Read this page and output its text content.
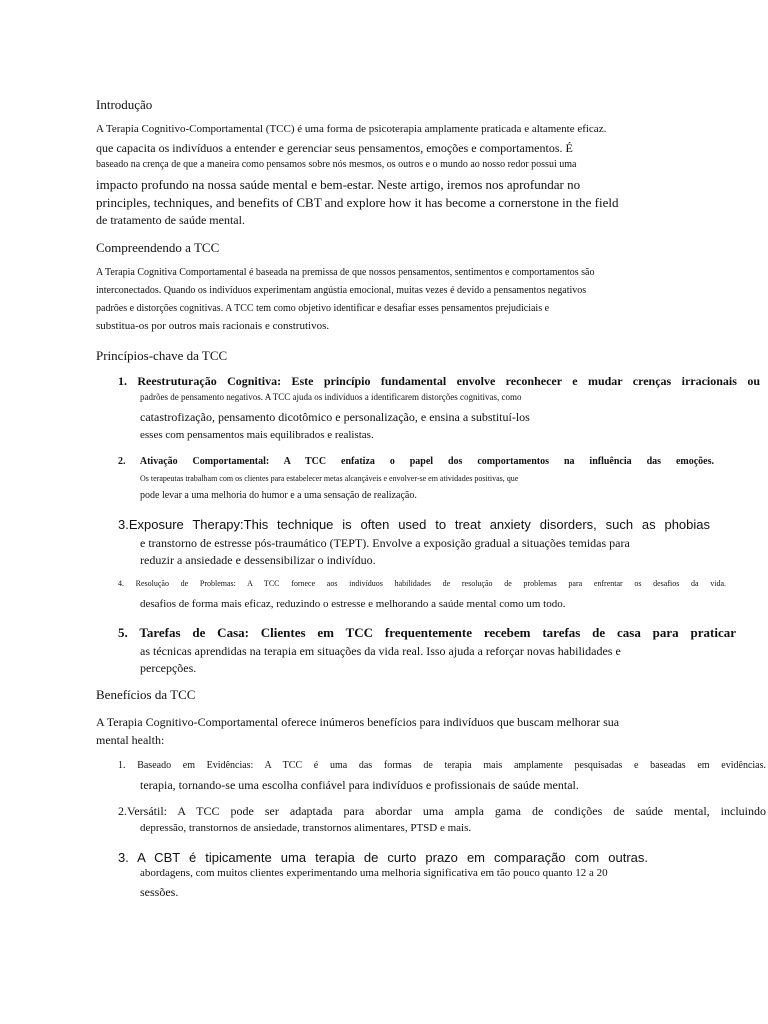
Introdução
A Terapia Cognitivo-Comportamental (TCC) é uma forma de psicoterapia amplamente praticada e altamente eficaz.
que capacita os indivíduos a entender e gerenciar seus pensamentos, emoções e comportamentos. É
baseado na crença de que a maneira como pensamos sobre nós mesmos, os outros e o mundo ao nosso redor possui uma
impacto profundo na nossa saúde mental e bem-estar. Neste artigo, iremos nos aprofundar no
principles, techniques, and benefits of CBT and explore how it has become a cornerstone in the field
de tratamento de saúde mental.
Compreendendo a TCC
A Terapia Cognitiva Comportamental é baseada na premissa de que nossos pensamentos, sentimentos e comportamentos são
interconectados. Quando os indivíduos experimentam angústia emocional, muitas vezes é devido a pensamentos negativos
padrões e distorções cognitivas. A TCC tem como objetivo identificar e desafiar esses pensamentos prejudiciais e
substitua-os por outros mais racionais e construtivos.
Princípios-chave da TCC
1. Reestruturação Cognitiva: Este princípio fundamental envolve reconhecer e mudar crenças irracionais ou
padrões de pensamento negativos. A TCC ajuda os indivíduos a identificarem distorções cognitivas, como
catastrofização, pensamento dicotômico e personalização, e ensina a substituí-los
esses com pensamentos mais equilibrados e realistas.
2. Ativação Comportamental: A TCC enfatiza o papel dos comportamentos na influência das emoções.
Os terapeutas trabalham com os clientes para estabelecer metas alcançáveis e envolver-se em atividades positivas, que
pode levar a uma melhoria do humor e a uma sensação de realização.
3.Exposure Therapy:This technique is often used to treat anxiety disorders, such as phobias
e transtorno de estresse pós-traumático (TEPT). Envolve a exposição gradual a situações temidas para
reduzir a ansiedade e dessensibilizar o indivíduo.
4. Resolução de Problemas: A TCC fornece aos indivíduos habilidades de resolução de problemas para enfrentar os desafios da vida.
desafios de forma mais eficaz, reduzindo o estresse e melhorando a saúde mental como um todo.
5. Tarefas de Casa: Clientes em TCC frequentemente recebem tarefas de casa para praticar
as técnicas aprendidas na terapia em situações da vida real. Isso ajuda a reforçar novas habilidades e
percepções.
Benefícios da TCC
A Terapia Cognitivo-Comportamental oferece inúmeros benefícios para indivíduos que buscam melhorar sua
mental health:
1. Baseado em Evidências: A TCC é uma das formas de terapia mais amplamente pesquisadas e baseadas em evidências.
terapia, tornando-se uma escolha confiável para indivíduos e profissionais de saúde mental.
2.Versátil: A TCC pode ser adaptada para abordar uma ampla gama de condições de saúde mental, incluindo
depressão, transtornos de ansiedade, transtornos alimentares, PTSD e mais.
3. A CBT é tipicamente uma terapia de curto prazo em comparação com outras.
abordagens, com muitos clientes experimentando uma melhoria significativa em tão pouco quanto 12 a 20
sessões.
